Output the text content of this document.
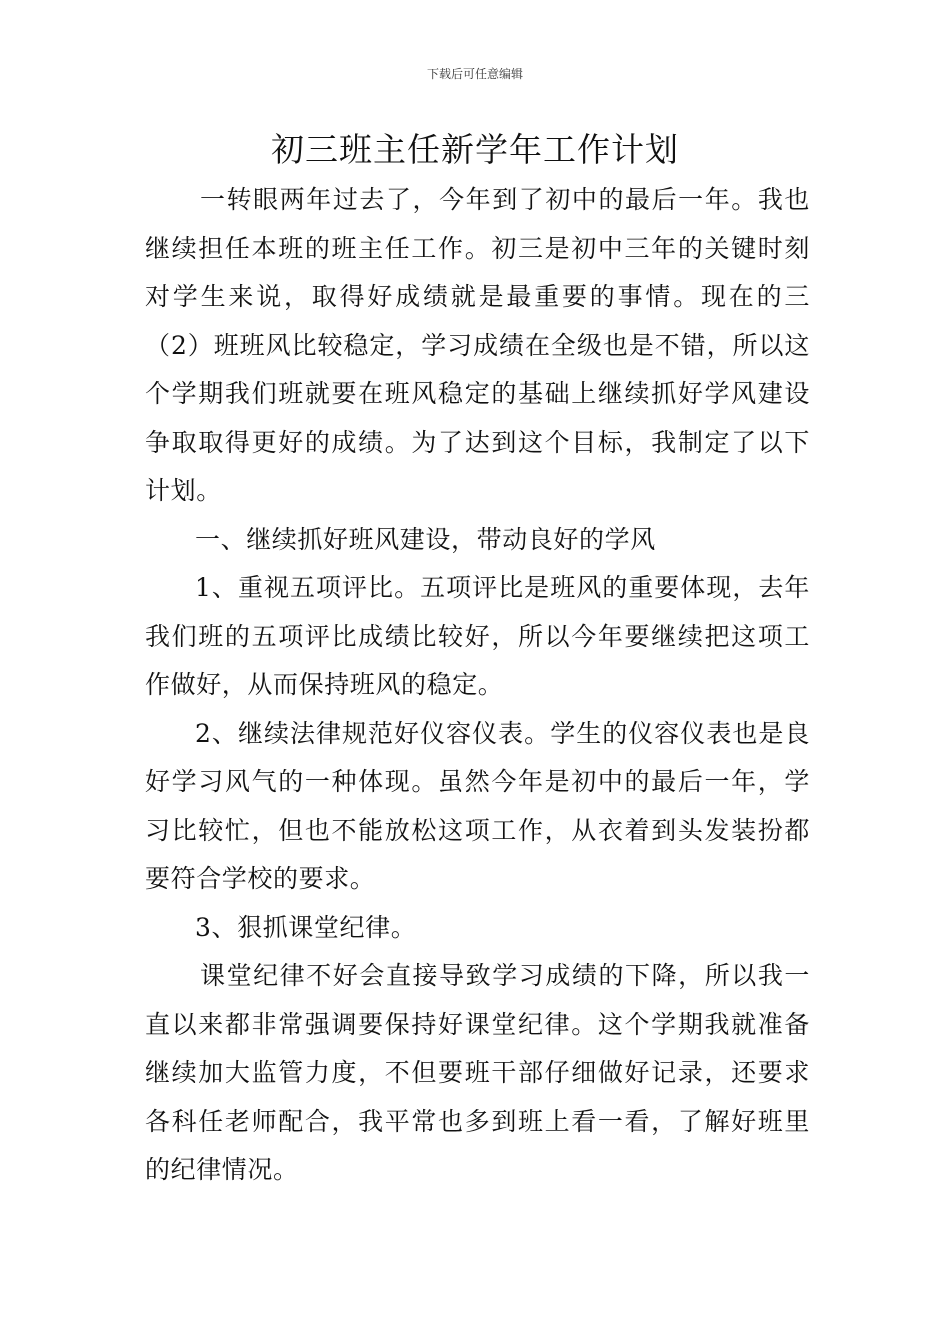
下载后可任意编辑
初三班主任新学年工作计划

一转眼两年过去了，今年到了初中的最后一年。我也继续担任本班的班主任工作。初三是初中三年的关键时刻对学生来说，取得好成绩就是最重要的事情。现在的三（2）班班风比较稳定，学习成绩在全级也是不错，所以这个学期我们班就要在班风稳定的基础上继续抓好学风建设争取取得更好的成绩。为了达到这个目标，我制定了以下计划。

一、继续抓好班风建设，带动良好的学风

1、重视五项评比。五项评比是班风的重要体现，去年我们班的五项评比成绩比较好，所以今年要继续把这项工作做好，从而保持班风的稳定。

2、继续法律规范好仪容仪表。学生的仪容仪表也是良好学习风气的一种体现。虽然今年是初中的最后一年，学习比较忙，但也不能放松这项工作，从衣着到头发装扮都要符合学校的要求。

3、狠抓课堂纪律。

课堂纪律不好会直接导致学习成绩的下降，所以我一直以来都非常强调要保持好课堂纪律。这个学期我就准备继续加大监管力度，不但要班干部仔细做好记录，还要求各科任老师配合，我平常也多到班上看一看，了解好班里的纪律情况。
